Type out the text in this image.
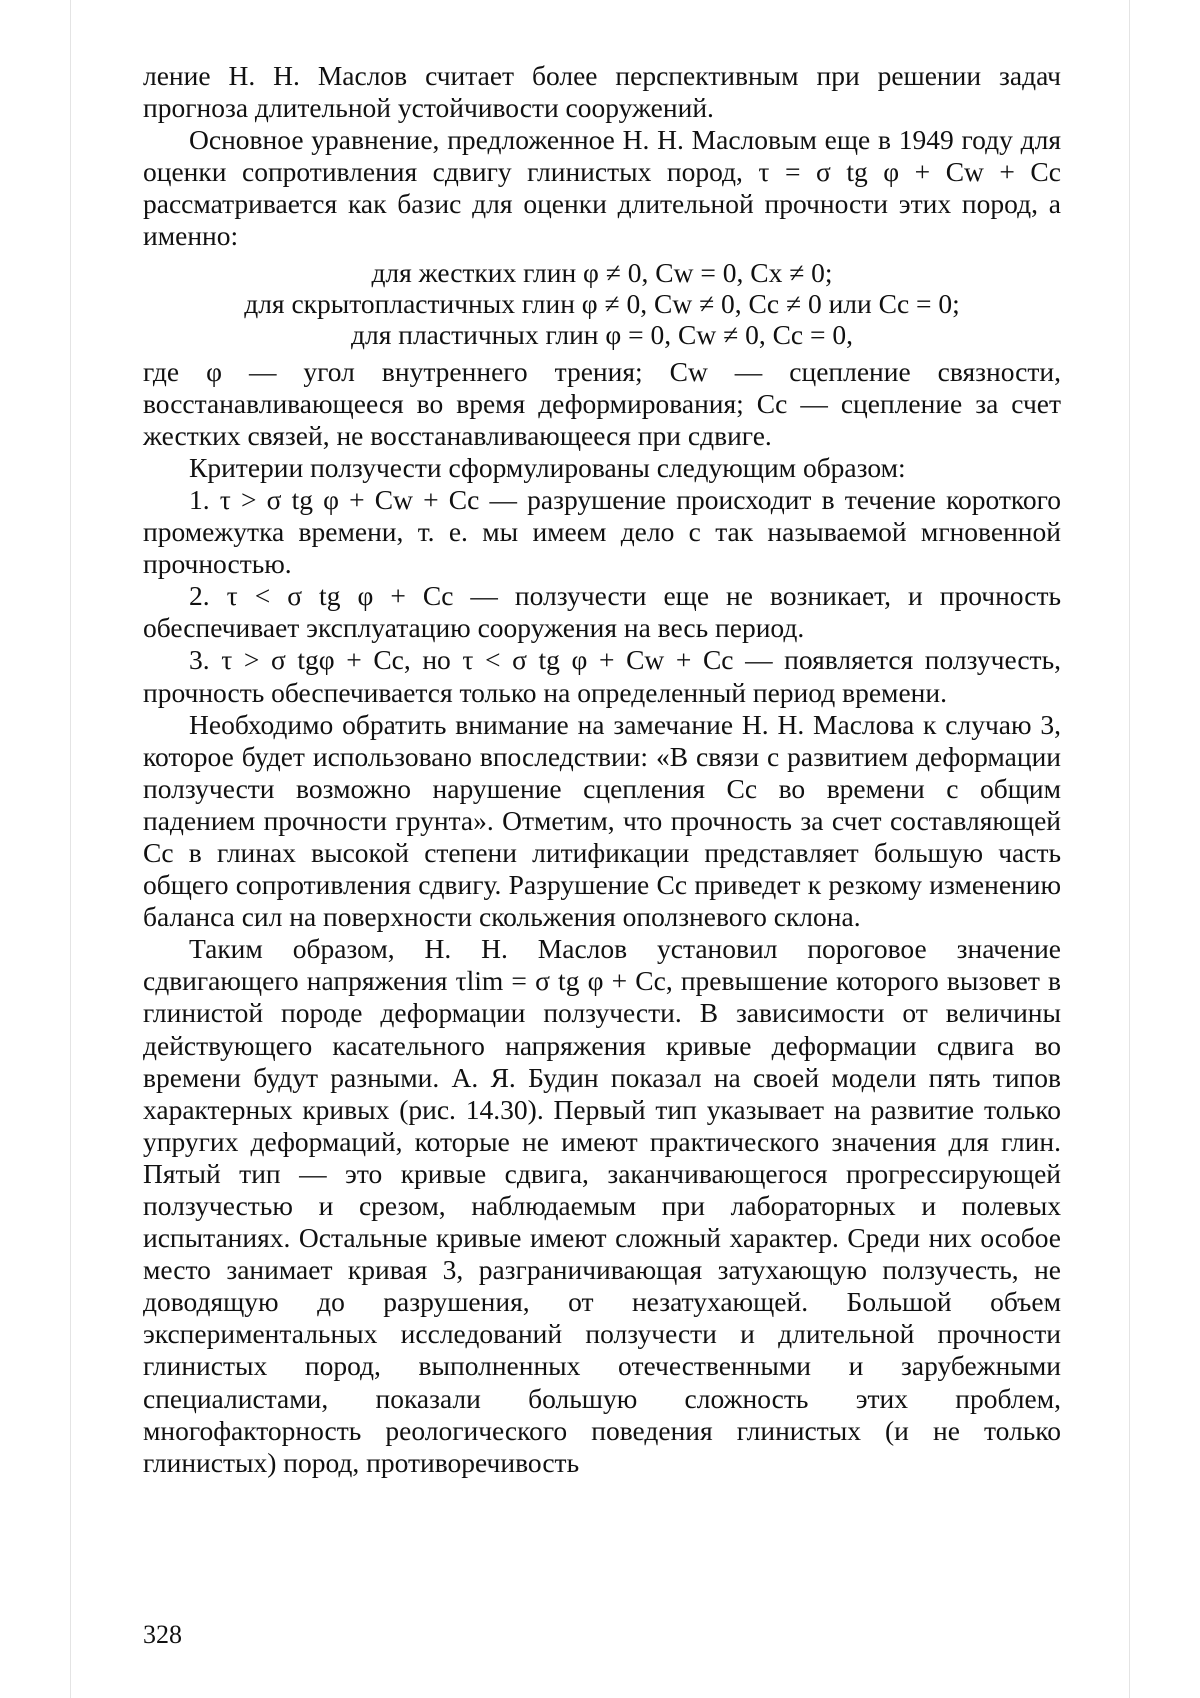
ление Н. Н. Маслов считает более перспективным при решении задач прогноза длительной устойчивости сооружений.

Основное уравнение, предложенное Н. Н. Масловым еще в 1949 году для оценки сопротивления сдвигу глинистых пород, τ = σ tg φ + Cw + Cc рассматривается как базис для оценки длительной прочности этих пород, а именно:

для жестких глин φ ≠ 0, Cw = 0, Cx ≠ 0;
для скрытопластичных глин φ ≠ 0, Cw ≠ 0, Cc ≠ 0 или Cc = 0;
для пластичных глин φ = 0, Cw ≠ 0, Cc = 0,

где φ — угол внутреннего трения; Cw — сцепление связности, восстанавливающееся во время деформирования; Cc — сцепление за счет жестких связей, не восстанавливающееся при сдвиге.

Критерии ползучести сформулированы следующим образом:

1. τ > σ tg φ + Cw + Cc — разрушение происходит в течение короткого промежутка времени, т. е. мы имеем дело с так называемой мгновенной прочностью.

2. τ < σ tg φ + Cc — ползучести еще не возникает, и прочность обеспечивает эксплуатацию сооружения на весь период.

3. τ > σ tgφ + Cc, но τ < σ tg φ + Cw + Cc — появляется ползучесть, прочность обеспечивается только на определенный период времени.

Необходимо обратить внимание на замечание Н. Н. Маслова к случаю 3, которое будет использовано впоследствии: «В связи с развитием деформации ползучести возможно нарушение сцепления Cc во времени с общим падением прочности грунта». Отметим, что прочность за счет составляющей Cc в глинах высокой степени литификации представляет большую часть общего сопротивления сдвигу. Разрушение Cc приведет к резкому изменению баланса сил на поверхности скольжения оползневого склона.

Таким образом, Н. Н. Маслов установил пороговое значение сдвигающего напряжения τlim = σ tg φ + Cc, превышение которого вызовет в глинистой породе деформации ползучести. В зависимости от величины действующего касательного напряжения кривые деформации сдвига во времени будут разными. А. Я. Будин показал на своей модели пять типов характерных кривых (рис. 14.30). Первый тип указывает на развитие только упругих деформаций, которые не имеют практического значения для глин. Пятый тип — это кривые сдвига, заканчивающегося прогрессирующей ползучестью и срезом, наблюдаемым при лабораторных и полевых испытаниях. Остальные кривые имеют сложный характер. Среди них особое место занимает кривая 3, разграничивающая затухающую ползучесть, не доводящую до разрушения, от незатухающей. Большой объем экспериментальных исследований ползучести и длительной прочности глинистых пород, выполненных отечественными и зарубежными специалистами, показали большую сложность этих проблем, многофакторность реологического поведения глинистых (и не только глинистых) пород, противоречивость

328
